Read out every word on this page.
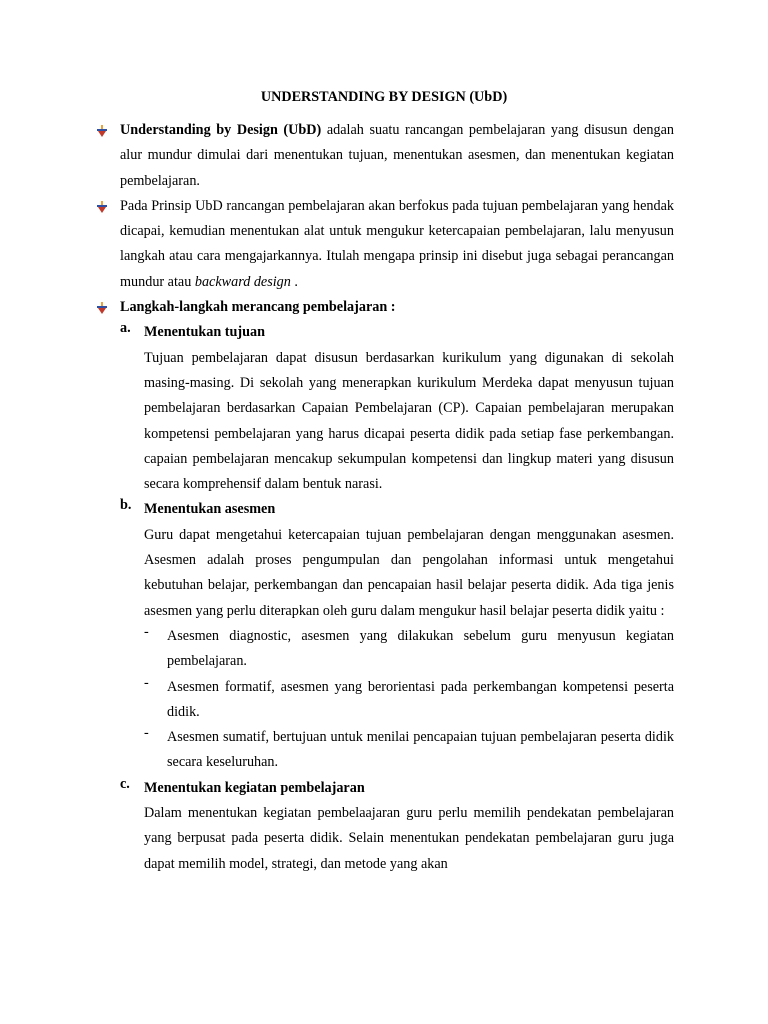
UNDERSTANDING BY DESIGN (UbD)

Understanding by Design (UbD) adalah suatu rancangan pembelajaran yang disusun dengan alur mundur dimulai dari menentukan tujuan, menentukan asesmen, dan menentukan kegiatan pembelajaran.

Pada Prinsip UbD rancangan pembelajaran akan berfokus pada tujuan pembelajaran yang hendak dicapai, kemudian menentukan alat untuk mengukur ketercapaian pembelajaran, lalu menyusun langkah atau cara mengajarkannya. Itulah mengapa prinsip ini disebut juga sebagai perancangan mundur atau backward design .

Langkah-langkah merancang pembelajaran :

a. Menentukan tujuan

Tujuan pembelajaran dapat disusun berdasarkan kurikulum yang digunakan di sekolah masing-masing. Di sekolah yang menerapkan kurikulum Merdeka dapat menyusun tujuan pembelajaran berdasarkan Capaian Pembelajaran (CP). Capaian pembelajaran merupakan kompetensi pembelajaran yang harus dicapai peserta didik pada setiap fase perkembangan. capaian pembelajaran mencakup sekumpulan kompetensi dan lingkup materi yang disusun secara komprehensif dalam bentuk narasi.

b. Menentukan asesmen

Guru dapat mengetahui ketercapaian tujuan pembelajaran dengan menggunakan asesmen. Asesmen adalah proses pengumpulan dan pengolahan informasi untuk mengetahui kebutuhan belajar, perkembangan dan pencapaian hasil belajar peserta didik. Ada tiga jenis asesmen yang perlu diterapkan oleh guru dalam mengukur hasil belajar peserta didik yaitu :

- Asesmen diagnostic, asesmen yang dilakukan sebelum guru menyusun kegiatan pembelajaran.

- Asesmen formatif, asesmen yang berorientasi pada perkembangan kompetensi peserta didik.

- Asesmen sumatif, bertujuan untuk menilai pencapaian tujuan pembelajaran peserta didik secara keseluruhan.

c. Menentukan kegiatan pembelajaran

Dalam menentukan kegiatan pembelaajaran guru perlu memilih pendekatan pembelajaran yang berpusat pada peserta didik. Selain menentukan pendekatan pembelajaran guru juga dapat memilih model, strategi, dan metode yang akan
